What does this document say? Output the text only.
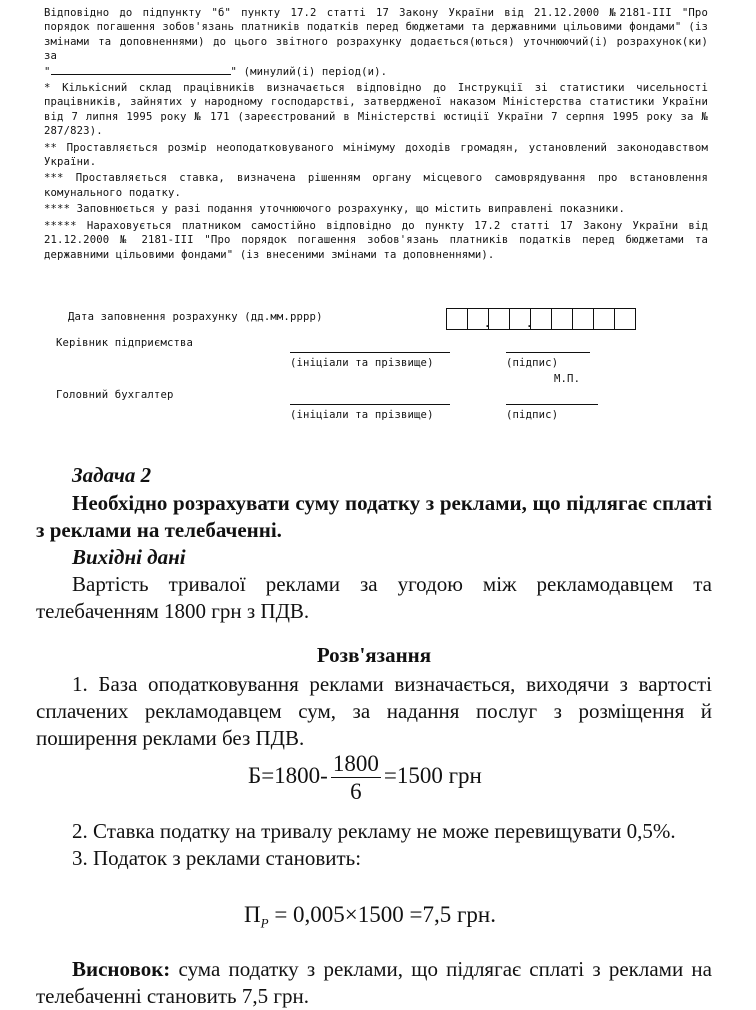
Відповідно до підпункту "б" пункту 17.2 статті 17 Закону України від 21.12.2000 №2181-III "Про порядок погашення зобов'язань платників податків перед бюджетами та державними цільовими фондами" (із змінами та доповненнями) до цього звітного розрахунку додається(ються) уточнюючий(і) розрахунок(ки) за
"	" (минулий(і) період(и).

* Кількісний склад працівників визначається відповідно до Інструкції зі статистики чисельності працівників, зайнятих у народному господарстві, затвердженої наказом Міністерства статистики України від 7 липня 1995 року № 171 (зареєстрований в Міністерстві юстиції України 7 серпня 1995 року за № 287/823).

** Проставляється розмір неоподатковуваного мінімуму доходів громадян, установлений законодавством України.

*** Проставляється ставка, визначена рішенням органу місцевого самоврядування про встановлення комунального податку.

**** Заповнюється у разі подання уточнюючого розрахунку, що містить виправлені показники.

***** Нараховується платником самостійно відповідно до пункту 17.2 статті 17 Закону України від 21.12.2000 № 2181-III "Про порядок погашення зобов'язань платників податків перед бюджетами та державними цільовими фондами" (із внесеними змінами та доповненнями).

Дата заповнення розрахунку (дд.мм.рррр)
.
.
Керівник підприємства
(ініціали та прізвище)	(підпис)
М.П.
Головний бухгалтер
(ініціали та прізвище)	(підпис)
Задача 2
Необхідно розрахувати суму податку з реклами, що підлягає сплаті з реклами на телебаченні.
Вихідні дані
Вартість тривалої реклами за угодою між рекламодавцем та телебаченням 1800 грн з ПДВ.
Розв'язання
1. База оподатковування реклами визначається, виходячи з вартості сплачених рекламодавцем сум, за надання послуг з розміщення й поширення реклами без ПДВ.
$Б=1800- \frac{1800}{6} =1500$ грн
2. Ставка податку на тривалу рекламу не може перевищувати 0,5%.
3. Податок з реклами становить:
$П_Р = 0,005\times 1500 =7,5$ грн.
Висновок: сума податку з реклами, що підлягає сплаті з реклами на телебаченні становить 7,5 грн.
